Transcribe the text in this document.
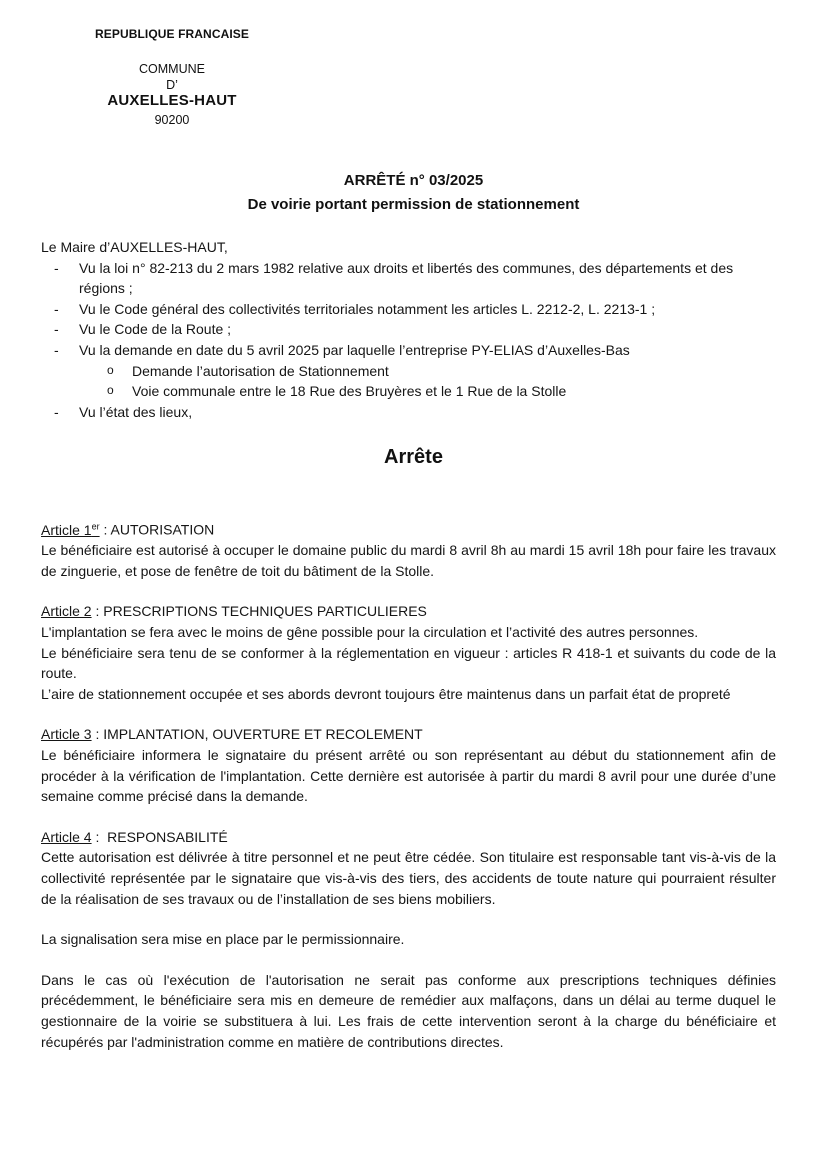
REPUBLIQUE FRANCAISE
COMMUNE
D’
AUXELLES-HAUT
90200
ARRÊTÉ n° 03/2025
De voirie portant permission de stationnement

Le Maire d’AUXELLES-HAUT,

- Vu la loi n° 82-213 du 2 mars 1982 relative aux droits et libertés des communes, des départements et des régions ;
- Vu le Code général des collectivités territoriales notamment les articles L. 2212-2, L. 2213-1 ;
- Vu le Code de la Route ;
- Vu la demande en date du 5 avril 2025 par laquelle l’entreprise PY-ELIAS d’Auxelles-Bas
o Demande l’autorisation de Stationnement
o Voie communale entre le 18 Rue des Bruyères et le 1 Rue de la Stolle
- Vu l’état des lieux,
Arrête

Article 1er : AUTORISATION

Le bénéficiaire est autorisé à occuper le domaine public du mardi 8 avril 8h au mardi 15 avril 18h pour faire les travaux de zinguerie, et pose de fenêtre de toit du bâtiment de la Stolle.

Article 2 : PRESCRIPTIONS TECHNIQUES PARTICULIERES

L'implantation se fera avec le moins de gêne possible pour la circulation et l’activité des autres personnes.

Le bénéficiaire sera tenu de se conformer à la réglementation en vigueur : articles R 418-1 et suivants du code de la route.

L’aire de stationnement occupée et ses abords devront toujours être maintenus dans un parfait état de propreté

Article 3 : IMPLANTATION, OUVERTURE ET RECOLEMENT

Le bénéficiaire informera le signataire du présent arrêté ou son représentant au début du stationnement afin de procéder à la vérification de l'implantation. Cette dernière est autorisée à partir du mardi 8 avril pour une durée d’une semaine comme précisé dans la demande.

Article 4 :  RESPONSABILITÉ

Cette autorisation est délivrée à titre personnel et ne peut être cédée. Son titulaire est responsable tant vis-à-vis de la collectivité représentée par le signataire que vis-à-vis des tiers, des accidents de toute nature qui pourraient résulter de la réalisation de ses travaux ou de l’installation de ses biens mobiliers.

La signalisation sera mise en place par le permissionnaire.

Dans le cas où l'exécution de l'autorisation ne serait pas conforme aux prescriptions techniques définies précédemment, le bénéficiaire sera mis en demeure de remédier aux malfaçons, dans un délai au terme duquel le gestionnaire de la voirie se substituera à lui. Les frais de cette intervention seront à la charge du bénéficiaire et récupérés par l'administration comme en matière de contributions directes.
